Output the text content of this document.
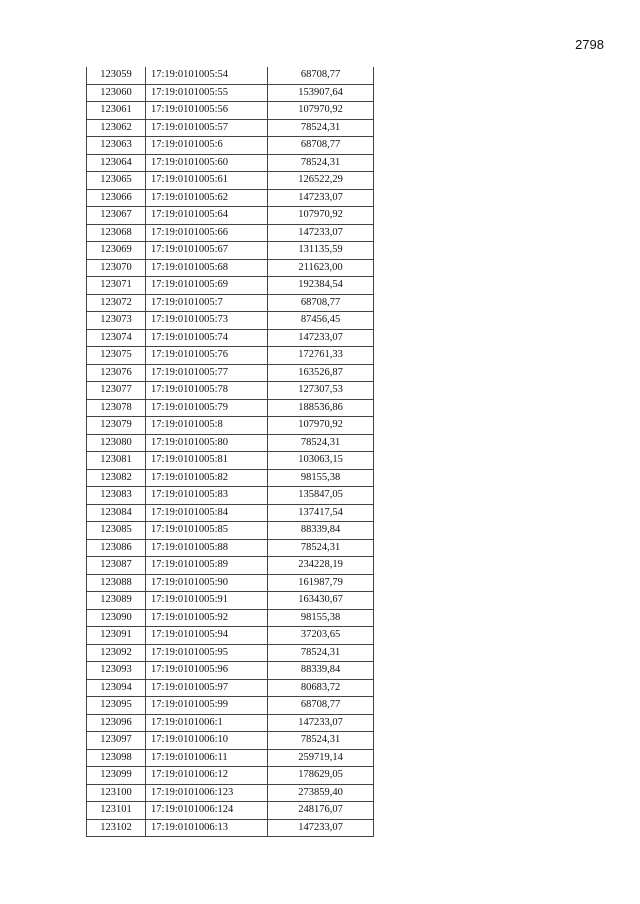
2798
123059	17:19:0101005:54	68708,77
123060	17:19:0101005:55	153907,64
123061	17:19:0101005:56	107970,92
123062	17:19:0101005:57	78524,31
123063	17:19:0101005:6	68708,77
123064	17:19:0101005:60	78524,31
123065	17:19:0101005:61	126522,29
123066	17:19:0101005:62	147233,07
123067	17:19:0101005:64	107970,92
123068	17:19:0101005:66	147233,07
123069	17:19:0101005:67	131135,59
123070	17:19:0101005:68	211623,00
123071	17:19:0101005:69	192384,54
123072	17:19:0101005:7	68708,77
123073	17:19:0101005:73	87456,45
123074	17:19:0101005:74	147233,07
123075	17:19:0101005:76	172761,33
123076	17:19:0101005:77	163526,87
123077	17:19:0101005:78	127307,53
123078	17:19:0101005:79	188536,86
123079	17:19:0101005:8	107970,92
123080	17:19:0101005:80	78524,31
123081	17:19:0101005:81	103063,15
123082	17:19:0101005:82	98155,38
123083	17:19:0101005:83	135847,05
123084	17:19:0101005:84	137417,54
123085	17:19:0101005:85	88339,84
123086	17:19:0101005:88	78524,31
123087	17:19:0101005:89	234228,19
123088	17:19:0101005:90	161987,79
123089	17:19:0101005:91	163430,67
123090	17:19:0101005:92	98155,38
123091	17:19:0101005:94	37203,65
123092	17:19:0101005:95	78524,31
123093	17:19:0101005:96	88339,84
123094	17:19:0101005:97	80683,72
123095	17:19:0101005:99	68708,77
123096	17:19:0101006:1	147233,07
123097	17:19:0101006:10	78524,31
123098	17:19:0101006:11	259719,14
123099	17:19:0101006:12	178629,05
123100	17:19:0101006:123	273859,40
123101	17:19:0101006:124	248176,07
123102	17:19:0101006:13	147233,07
